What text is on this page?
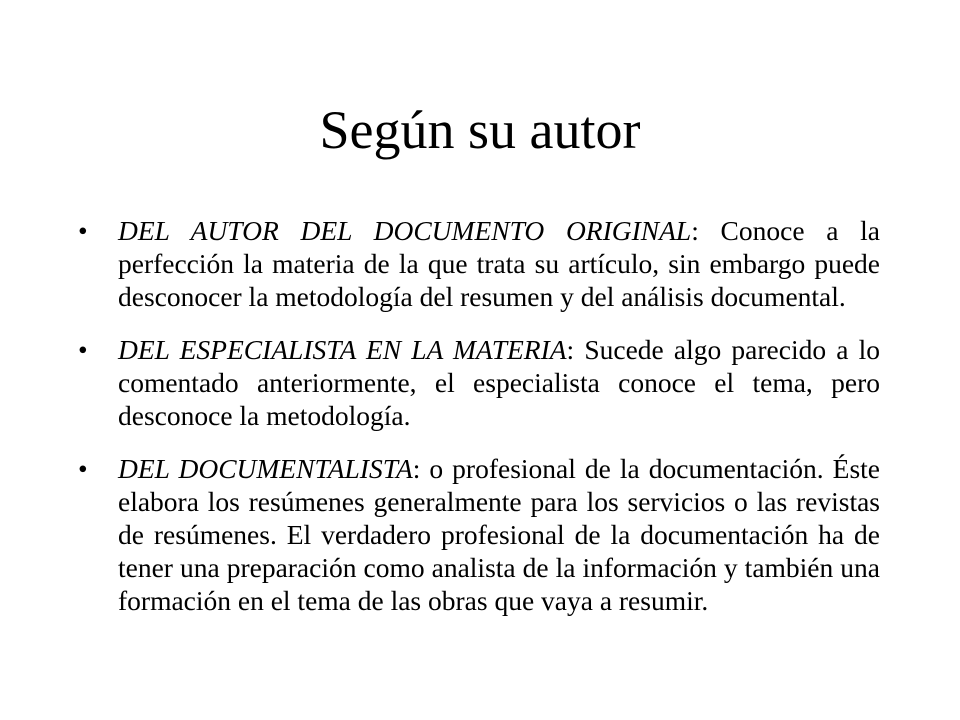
Según su autor
•	DEL AUTOR DEL DOCUMENTO ORIGINAL: Conoce a la perfección la materia de la que trata su artículo, sin embargo puede desconocer la metodología del resumen y del análisis documental.
•	DEL ESPECIALISTA EN LA MATERIA: Sucede algo parecido a lo comentado anteriormente, el especialista conoce el tema, pero desconoce la metodología.
•	DEL DOCUMENTALISTA: o profesional de la documentación. Éste elabora los resúmenes generalmente para los servicios o las revistas de resúmenes. El verdadero profesional de la documentación ha de tener una preparación como analista de la información y también una formación en el tema de las obras que vaya a resumir.
